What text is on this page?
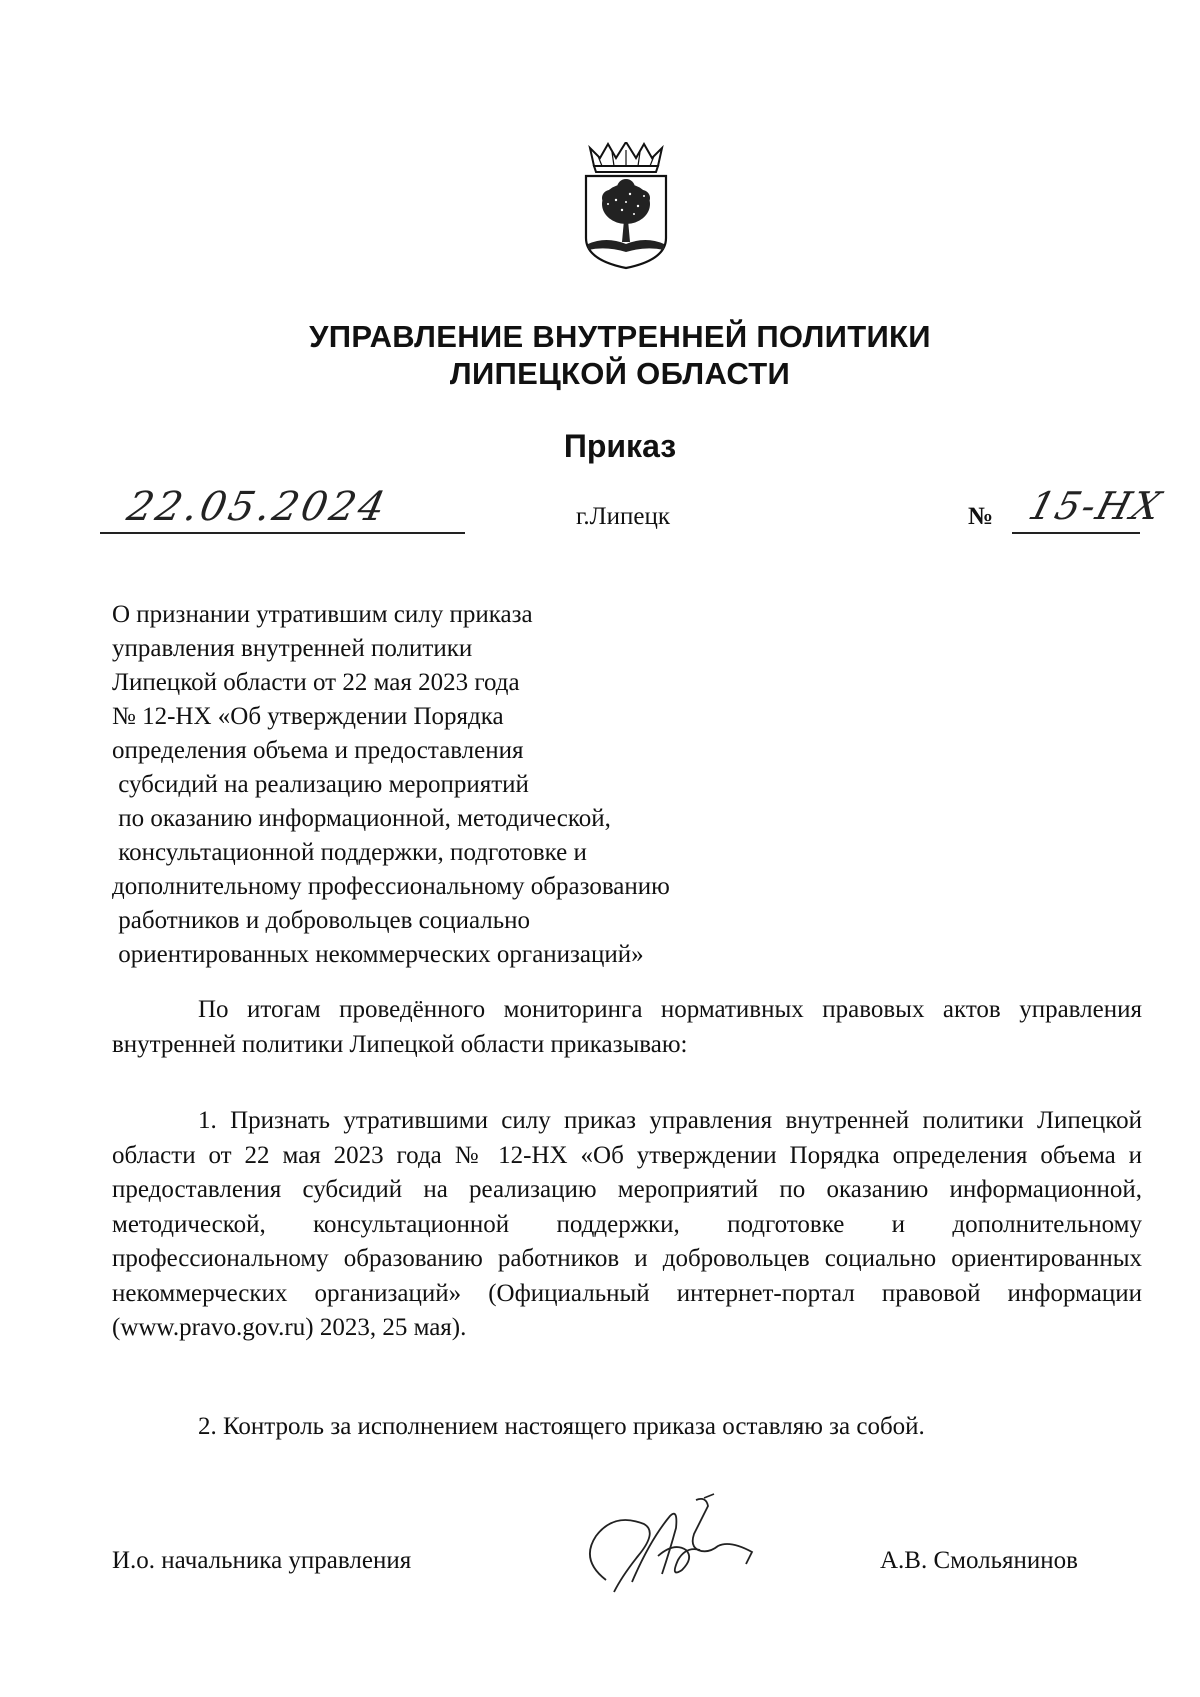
УПРАВЛЕНИЕ ВНУТРЕННЕЙ ПОЛИТИКИ
ЛИПЕЦКОЙ ОБЛАСТИ
Приказ
22.05.2024	г.Липецк	№ 15-НХ
О признании утратившим силу приказа
управления внутренней политики
Липецкой области от 22 мая 2023 года
№ 12-НХ «Об утверждении Порядка
определения объема и предоставления
субсидий на реализацию мероприятий
по оказанию информационной, методической,
консультационной поддержки, подготовке и
дополнительному профессиональному образованию
работников и добровольцев социально
ориентированных некоммерческих организаций»
По итогам проведённого мониторинга нормативных правовых актов управления внутренней политики Липецкой области приказываю:
1. Признать утратившими силу приказ управления внутренней политики Липецкой области от 22 мая 2023 года № 12-НХ «Об утверждении Порядка определения объема и предоставления субсидий на реализацию мероприятий по оказанию информационной, методической, консультационной поддержки, подготовке и дополнительному профессиональному образованию работников и добровольцев социально ориентированных некоммерческих организаций» (Официальный интернет-портал правовой информации (www.pravo.gov.ru) 2023, 25 мая).
2. Контроль за исполнением настоящего приказа оставляю за собой.
И.о. начальника управления	А.В. Смольянинов
